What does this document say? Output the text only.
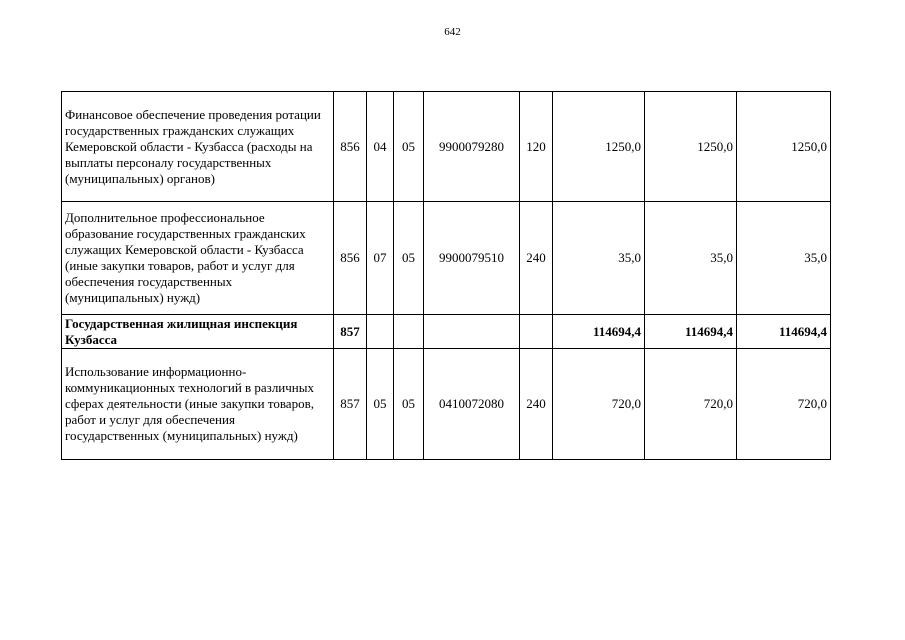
642
Финансовое обеспечение проведения ротации государственных гражданских служащих Кемеровской области - Кузбасса (расходы на выплаты персоналу государственных (муниципальных) органов)	856	04	05	9900079280	120	1250,0	1250,0	1250,0
Дополнительное профессиональное образование государственных гражданских служащих Кемеровской области - Кузбасса (иные закупки товаров, работ и услуг для обеспечения государственных (муниципальных) нужд)	856	07	05	9900079510	240	35,0	35,0	35,0
Государственная жилищная инспекция Кузбасса	857					114694,4	114694,4	114694,4
Использование информационно-коммуникационных технологий в различных сферах деятельности (иные закупки товаров, работ и услуг для обеспечения государственных (муниципальных) нужд)	857	05	05	0410072080	240	720,0	720,0	720,0
